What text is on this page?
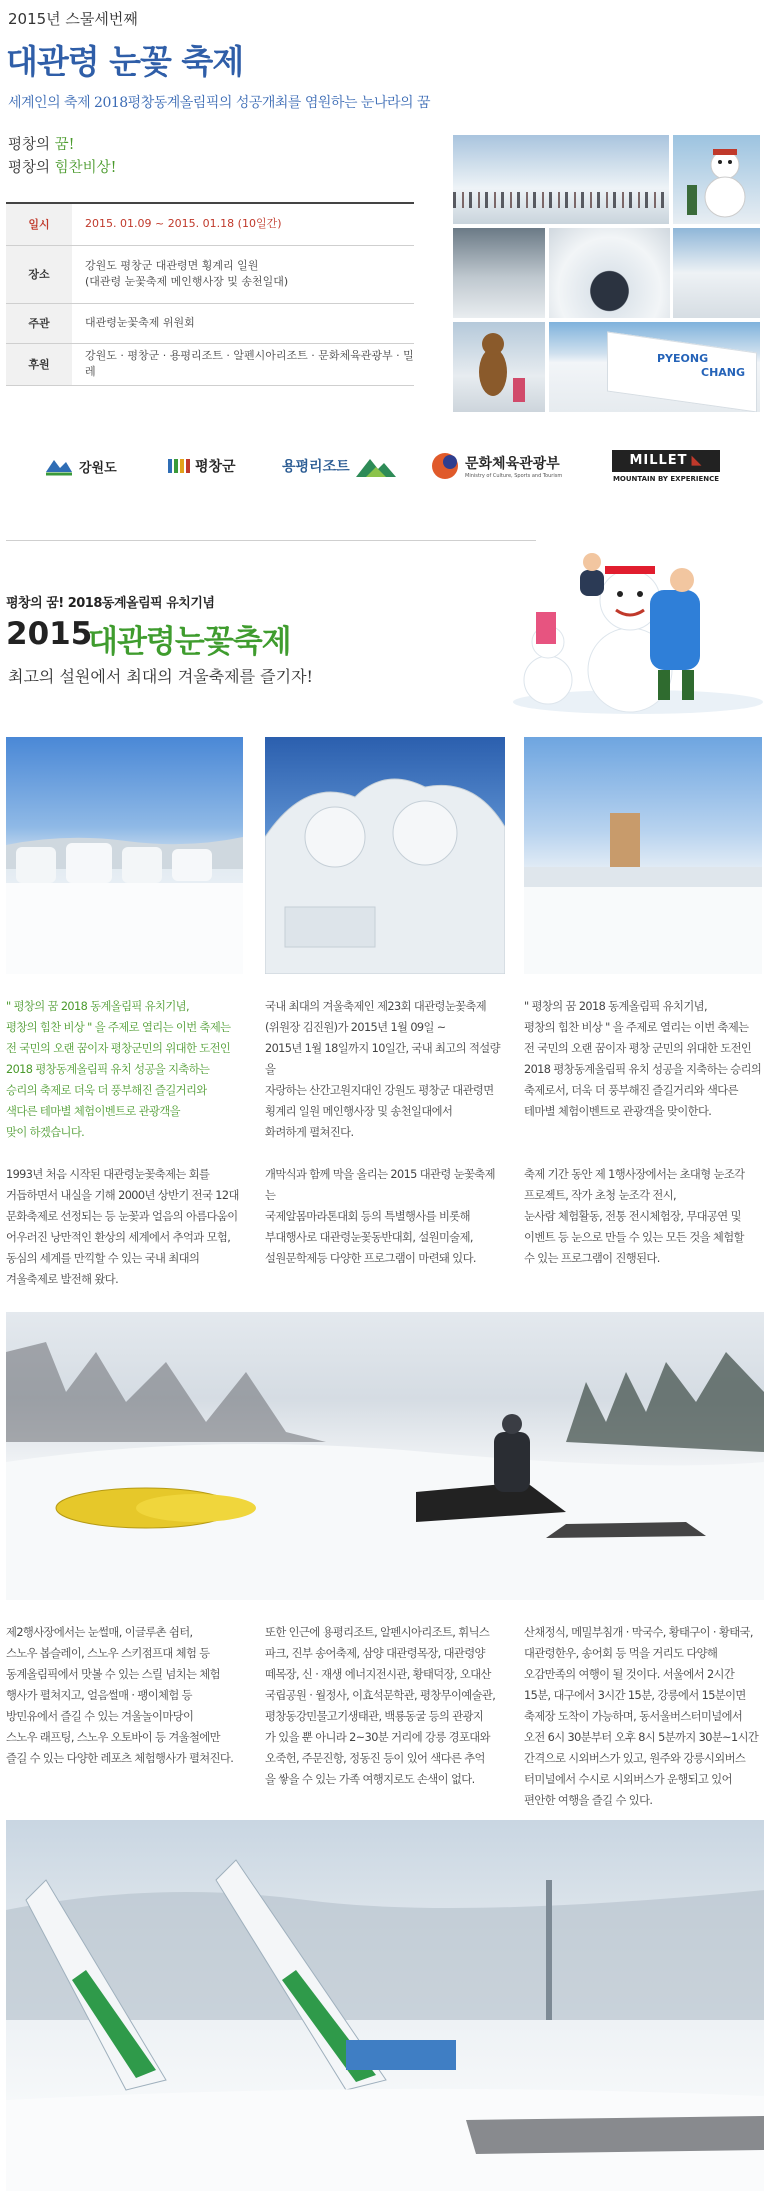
2015년 스물세번째
대관령 눈꽃 축제
세계인의 축제 2018평창동계올림픽의 성공개최를 염원하는 눈나라의 꿈
평창의 꿈!
평창의 힘찬비상!
일시	2015. 01.09 ~ 2015. 01.18 (10일간)
장소	강원도 평창군 대관령면 횡계리 일원
(대관령 눈꽃축제 메인행사장 및 송천일대)

주관	대관령눈꽃축제 위원회
후원	강원도 · 평창군 · 용평리조트 · 알펜시아리조트 · 문화체육관광부 · 밀레
PYEONG
CHANG
강원도	평창군	용평리조트	문화체육관광부
Ministry of Culture, Sports and Tourism
MILLET ◣
MOUNTAIN BY EXPERIENCE
평창의 꿈! 2018동계올림픽 유치기념
2015
대관령눈꽃축제
최고의 설원에서 최대의 겨울축제를 즐기자!
" 평창의 꿈 2018 동계올림픽 유치기념,
평창의 힘찬 비상 " 을 주제로 열리는 이번 축제는
전 국민의 오랜 꿈이자 평창군민의 위대한 도전인
2018 평창동계올림픽 유치 성공을 지축하는
승리의 축제로 더욱 더 풍부해진 즐길거리와
색다른 테마별 체험이벤트로 관광객을
맞이 하겠습니다.
국내 최대의 겨울축제인 제23회 대관령눈꽃축제
(위원장 김진원)가 2015년 1월 09일 ~
2015년 1월 18일까지 10일간, 국내 최고의 적설량을
자랑하는 산간고원지대인 강원도 평창군 대관령면
횡계리 일원 메인행사장 및 송천일대에서
화려하게 펼쳐진다.
" 평창의 꿈 2018 동계올림픽 유치기념,
평창의 힘찬 비상 " 을 주제로 열리는 이번 축제는
전 국민의 오랜 꿈이자 평창 군민의 위대한 도전인
2018 평창동계올림픽 유치 성공을 지축하는 승리의
축제로서, 더욱 더 풍부해진 즐길거리와 색다른
테마별 체험이벤트로 관광객을 맞이한다.
1993년 처음 시작된 대관령눈꽃축제는 회를
거듭하면서 내실을 기해 2000년 상반기 전국 12대
문화축제로 선정되는 등 눈꽃과 얼음의 아름다움이
어우러진 낭만적인 환상의 세계에서 추억과 모험,
동심의 세계를 만끽할 수 있는 국내 최대의
겨울축제로 발전해 왔다.
개막식과 함께 막을 올리는 2015 대관령 눈꽃축제는
국제알몸마라톤대회 등의 특별행사를 비롯해
부대행사로 대관령눈꽃동반대회, 설원미술제,
설원문학제등 다양한 프로그램이 마련돼 있다.
축제 기간 동안 제 1행사장에서는 초대형 눈조각
프로젝트, 작가 초청 눈조각 전시,
눈사람 체험활동, 전통 전시체험장, 무대공연 및
이벤트 등 눈으로 만들 수 있는 모든 것을 체험할
수 있는 프로그램이 진행된다.
제2행사장에서는 눈썰매, 이글루촌 쉼터,
스노우 봅슬레이, 스노우 스키점프대 체험 등
동계올림픽에서 맛볼 수 있는 스릴 넘치는 체험
행사가 펼쳐지고, 얼음썰매 · 팽이체험 등
방민유에서 즐길 수 있는 겨울놀이마당이
스노우 래프팅, 스노우 오토바이 등 겨울철에만
즐길 수 있는 다양한 레포츠 체험행사가 펼쳐진다.
또한 인근에 용평리조트, 알펜시아리조트, 휘닉스
파크, 진부 송어축제, 삼양 대관령목장, 대관령양
떼목장, 신 · 재생 에너지전시관, 황태덕장, 오대산
국립공원 · 월정사, 이효석문학관, 평창무이예술관,
평창동강민물고기생태관, 백룡동굴 등의 관광지
가 있을 뿐 아니라 2~30분 거리에 강릉 경포대와
오죽헌, 주문진항, 정동진 등이 있어 색다른 추억
을 쌓을 수 있는 가족 여행지로도 손색이 없다.
산채정식, 메밀부침개 · 막국수, 황태구이 · 황태국,
대관령한우, 송어회 등 먹을 거리도 다양해
오감만족의 여행이 될 것이다. 서울에서 2시간
15분, 대구에서 3시간 15분, 강릉에서 15분이면
축제장 도착이 가능하며, 동서울버스터미널에서
오전 6시 30분부터 오후 8시 5분까지 30분~1시간
간격으로 시외버스가 있고, 원주와 강릉시외버스
터미널에서 수시로 시외버스가 운행되고 있어
편안한 여행을 즐길 수 있다.
